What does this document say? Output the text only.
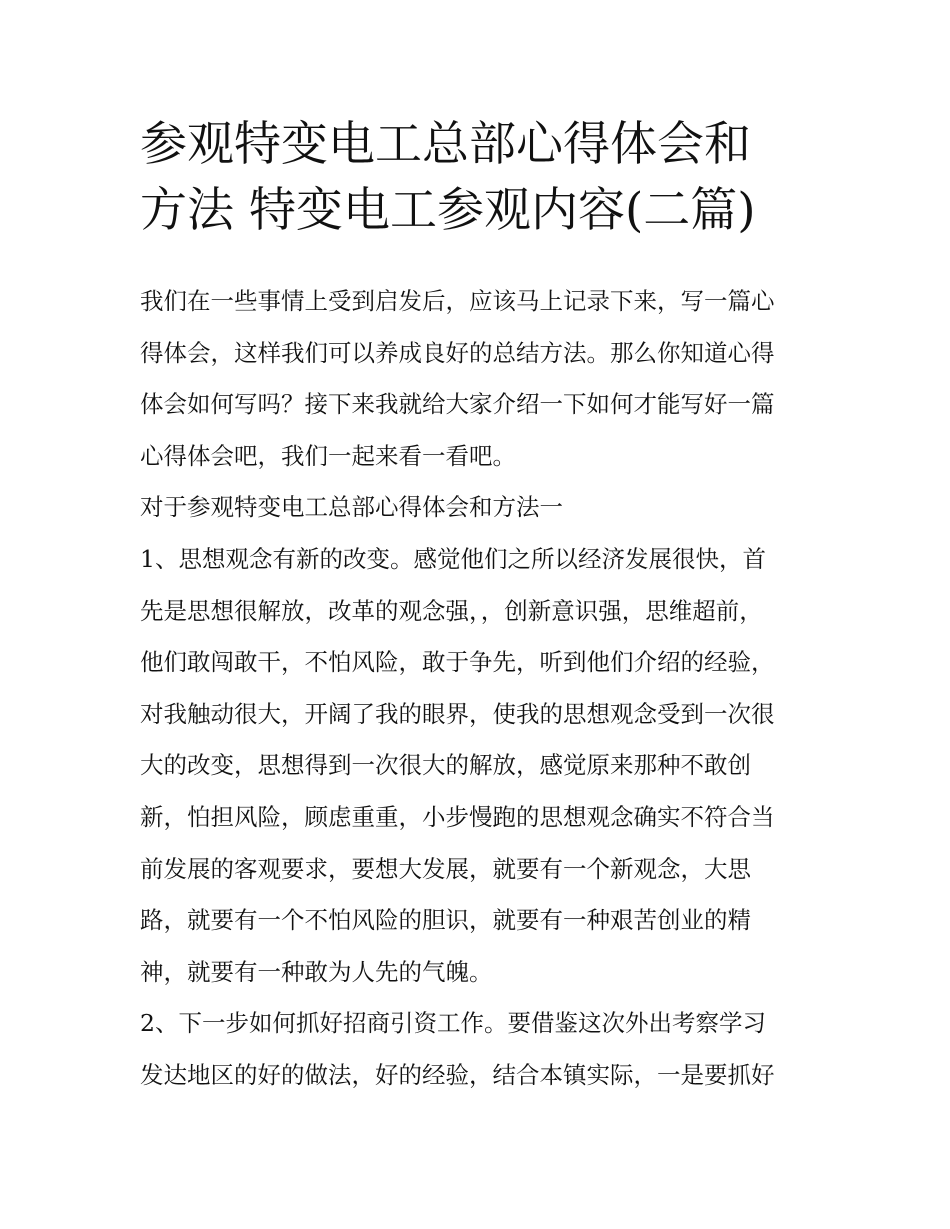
参观特变电工总部心得体会和
方法 特变电工参观内容(二篇)
我们在一些事情上受到启发后，应该马上记录下来，写一篇心
得体会，这样我们可以养成良好的总结方法。那么你知道心得
体会如何写吗？接下来我就给大家介绍一下如何才能写好一篇
心得体会吧，我们一起来看一看吧。
对于参观特变电工总部心得体会和方法一
1、思想观念有新的改变。感觉他们之所以经济发展很快，首
先是思想很解放，改革的观念强，，创新意识强，思维超前，
他们敢闯敢干，不怕风险，敢于争先，听到他们介绍的经验，
对我触动很大，开阔了我的眼界，使我的思想观念受到一次很
大的改变，思想得到一次很大的解放，感觉原来那种不敢创
新，怕担风险，顾虑重重，小步慢跑的思想观念确实不符合当
前发展的客观要求，要想大发展，就要有一个新观念，大思
路，就要有一个不怕风险的胆识，就要有一种艰苦创业的精
神，就要有一种敢为人先的气魄。
2、下一步如何抓好招商引资工作。要借鉴这次外出考察学习
发达地区的好的做法，好的经验，结合本镇实际，一是要抓好
